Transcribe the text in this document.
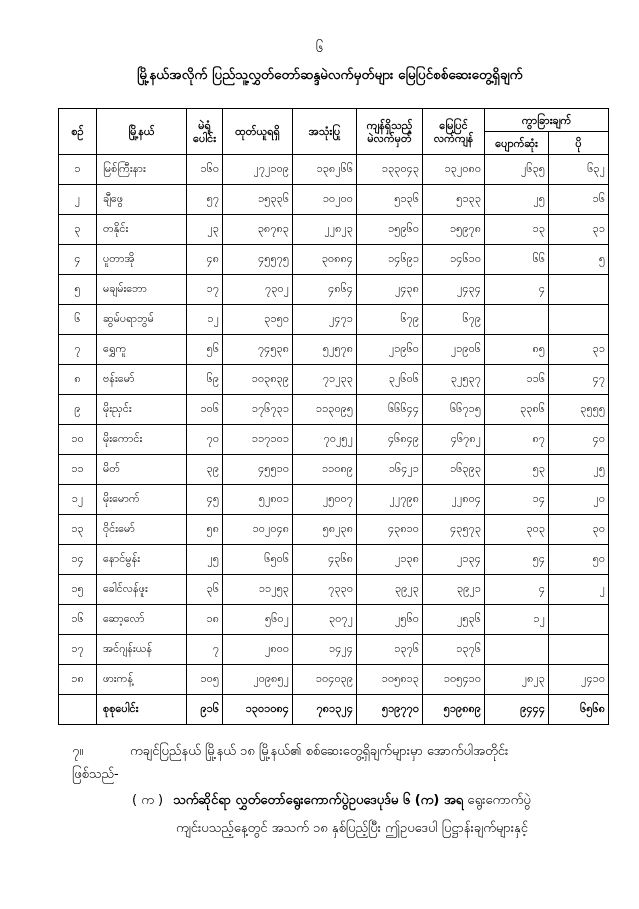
၆
မြို့နယ်အလိုက် ပြည်သူ့လွှတ်တော်ဆန္ဒမဲလက်မှတ်များ မြေပြင်စစ်ဆေးတွေ့ရှိချက်
စဉ်	မြို့နယ်	မဲရုံ
ပေါင်း	ထုတ်ယူရရှိ	အသုံးပြု	ကျန်ရှိသည့်
မဲလက်မှတ်	မြေပြင်
လက်ကျန်	ကွာခြားချက်	
							ပျောက်ဆုံး	ပို
၁	မြစ်ကြီးနား	၁၆၀	၂၇၂၁၀၉	၁၃၈၂၆၆	၁၃၃၀၄၃	၁၃၂၀၈၀	၂၆၃၅	၆၃၂
၂	ချီဖွေ	၅၇	၁၅၃၃၆	၁၀၂၀၀	၅၁၃၆	၅၁၃၃	၂၅	၁၆
၃	တနိုင်း	၂၃	၃၈၇၈၃	၂၂၈၂၃	၁၅၉၆၀	၁၅၉၇၈	၁၃	၃၁
၄	ပူတာအို	၄၈	၄၅၅၇၅	၃၀၈၈၄	၁၄၆၉၁	၁၄၆၁၀	၆၆	၅
၅	မချမ်းဘော	၁၇	၇၃၀၂	၄၈၆၄	၂၄၃၈	၂၄၃၄	၄	
၆	ဆွမ်ပရာဘွမ်	၁၂	၃၁၅၀	၂၄၇၁	၆၇၉	၆၇၉		
၇	ရွှေကူ	၅၆	၇၄၅၃၈	၅၂၅၇၈	၂၁၉၆၀	၂၁၉၀၆	၈၅	၃၁
၈	ဗန်းမော်	၆၉	၁၀၃၈၃၉	၇၁၂၃၃	၃၂၆၀၆	၃၂၅၃၇	၁၁၆	၄၇
၉	မိုးညှင်း	၁၀၆	၁၇၆၇၃၁	၁၁၃၀၉၅	၆၆၆၄၄	၆၆၇၁၅	၃၃၈၆	၃၅၅၅
၁၀	မိုးကောင်း	၇၀	၁၁၇၁၀၁	၇၀၂၅၂	၄၆၈၄၉	၄၆၇၈၂	၈၇	၄၀
၁၁	မိတ်	၃၉	၄၅၅၁၀	၁၁၀၈၉	၁၆၄၂၁	၁၆၃၉၃	၅၃	၂၅
၁၂	မိုးမောက်	၄၅	၅၂၈၀၁	၂၅၀၀၇	၂၂၇၉၈	၂၂၈၀၄	၁၄	၂၀
၁၃	ဝိုင်းမော်	၅၈	၁၀၂၀၄၈	၅၈၂၃၈	၄၃၈၁၀	၄၃၅၇၃	၃၀၃	၃၀
၁၄	နောင်မွန်း	၂၅	၆၅၀၆	၄၃၆၈	၂၁၃၈	၂၁၃၄	၅၄	၅၀
၁၅	ခေါင်လန်ဖူး	၃၆	၁၁၂၅၃	၇၃၃၀	၃၉၂၃	၃၉၂၁	၄	၂
၁၆	ဆော့လော်	၁၈	၅၆၀၂	၃၀၇၂	၂၅၆၀	၂၅၃၆	၁၂	
၁၇	အင်ဂျန်းယန်	၇	၂၈၀၀	၁၄၂၄	၁၃၇၆	၁၃၇၆		
၁၈	ဖားကန့်	၁၀၅	၂၀၉၈၅၂	၁၀၄၀၃၉	၁၀၅၈၁၃	၁၀၅၄၁၀	၂၈၂၃	၂၄၁၀
	စုစုပေါင်း	၉၁၆	၁၃၀၁၀၈၄	၇၈၁၃၂၄	၅၁၉၇၇၀	၅၁၉၈၈၉	၉၄၄၄	၆၅၆၈
၇။	ကချင်ပြည်နယ် မြို့နယ် ၁၈ မြို့နယ်၏ စစ်ဆေးတွေ့ရှိချက်များမှာ အောက်ပါအတိုင်း
ဖြစ်သည်-
( က ) သက်ဆိုင်ရာ လွှတ်တော်ရွေးကောက်ပွဲဥပဒေပုဒ်မ ၆ (က) အရ ရွေးကောက်ပွဲ
ကျင်းပသည့်နေ့တွင် အသက် ၁၈ နှစ်ပြည့်ပြီး ဤဥပဒေပါ ပြဋ္ဌာန်းချက်များနှင့်
